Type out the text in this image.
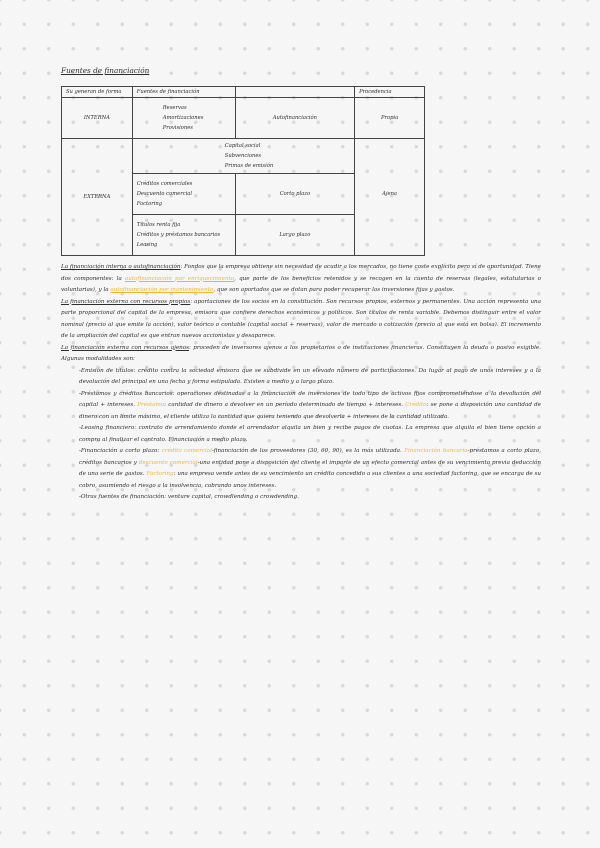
Fuentes de financiación
Su generan de forma	Fuentes de financiación		Procedencia
INTERNA	Reservas
Amortizaciones
Provisiones	Autofinanciación	Propia
EXTERNA	Capital social
Subvenciones
Primas de emisión		

	Créditos comerciales
Descuento comercial
Factoring	Corto plazo	Ajena

	Títulos renta fija
Créditos y préstamos bancarios
Leasing	Largo plazo	

La financiación interna o autofinanciación: Fondos que la empresa obtiene sin necesidad de acudir a los mercados, no tiene coste explícito pero sí de oportunidad. Tiene dos componentes: la autofinanciación por enriquecimiento, que parte de los beneficios retenidos y se recogen en la cuenta de reservas (legales, estatutarias o voluntarias), y la autofinanciación por mantenimiento, que son aportados que se dotan para poder recuperar las inversiones fijas y gastos.

La financiación externa con recursos propios: aportaciones de los socios en la constitución. Son recursos propios, externos y permanentes. Una acción representa una parte proporcional del capital de la empresa, emisora que confiere derechos económicos y políticos. Son títulos de renta variable. Debemos distinguir entre el valor nominal (precio al que emite la acción), valor teórico o contable (capital social + reservas), valor de mercado o cotización (precio al que está en bolsa). El incremento de la ampliación del capital es que entran nuevos accionistas y desaparece.

La financiación externa con recursos ajenos: proceden de inversores ajenos a los propietarios o de instituciones financieras. Constituyen la deuda o pasivo exigible. Algunas modalidades son:

-Emisión de títulos: crédito contra la sociedad emisora que se subdivide en un elevado número de participaciones. Da lugar al pago de unos intereses y a la devolución del principal en una fecha y forma estipulada. Existen a medio y a largo plazo.

-Préstamos y créditos bancarios: operaciones destinadas a la financiación de inversiones de todo tipo de activos fijos comprometiéndose a la devolución del capital + intereses. Préstamo: cantidad de dinero a devolver en un período determinado de tiempo + intereses. Crédito: se pone a disposición una cantidad de dinero con un límite máximo, el cliente utiliza la cantidad que quiera teniendo que devolverla + intereses de la cantidad utilizada.

-Leasing financiero: contrato de arrendamiento donde el arrendador alquila un bien y recibe pagos de cuotas. La empresa que alquila el bien tiene opción a compra al finalizar el contrato. Financiación a medio plazo.

-Financiación a corto plazo: crédito comercial-financiación de los proveedores (30, 60, 90), es la más utilizada. Financiación bancaria-préstamos a corto plazo, créditos bancarios y descuento comercial-una entidad pone a disposición del cliente el importe de un efecto comercial antes de su vencimiento previa deducción de una serie de gastos. Factoring: una empresa vende antes de su vencimiento un crédito concedido a sus clientes a una sociedad factoring, que se encarga de su cobro, asumiendo el riesgo a la insolvencia, cobrando unos intereses.

-Otras fuentes de financiación: venture capital, crowdlending o crowdending.
